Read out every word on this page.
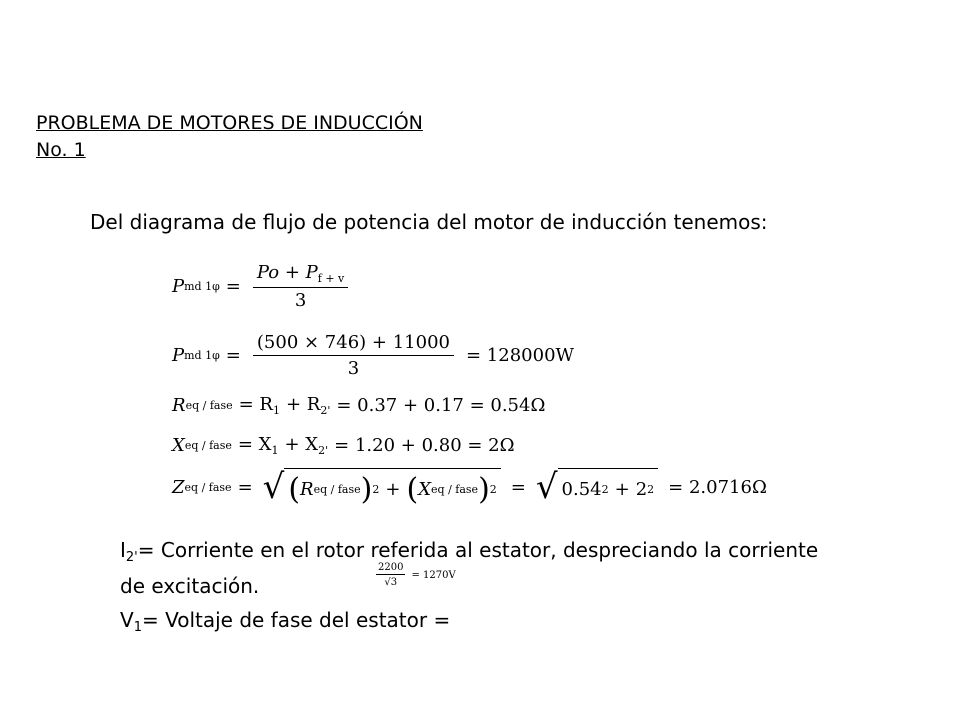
PROBLEMA DE MOTORES DE INDUCCIÓN
No. 1
Del diagrama de flujo de potencia del motor de inducción tenemos:
P md $1\varphi = \frac{Po + P_{f + v}}{3}$
P md $1\varphi = \frac{(500 \times 746) + 11000}{3} = 128000W$
R eq / fase = $R_1 + R_{2'} = 0.37 + 0.17 = 0.54\Omega$
X eq / fase = $X_1 + X_{2'} = 1.20 + 0.80 = 2\Omega$
Z eq / fase = √ ( R eq / fase ) 2 + ( X eq / fase ) 2 = √ 0.54 2 + 2 2 = 2.0716Ω
$I_{2'}=$ Corriente en el rotor referida al estator, despreciando la corriente de excitación.	$\frac{2200}{√3} = 1270V$
$V_1=$ Voltaje de fase del estator =
